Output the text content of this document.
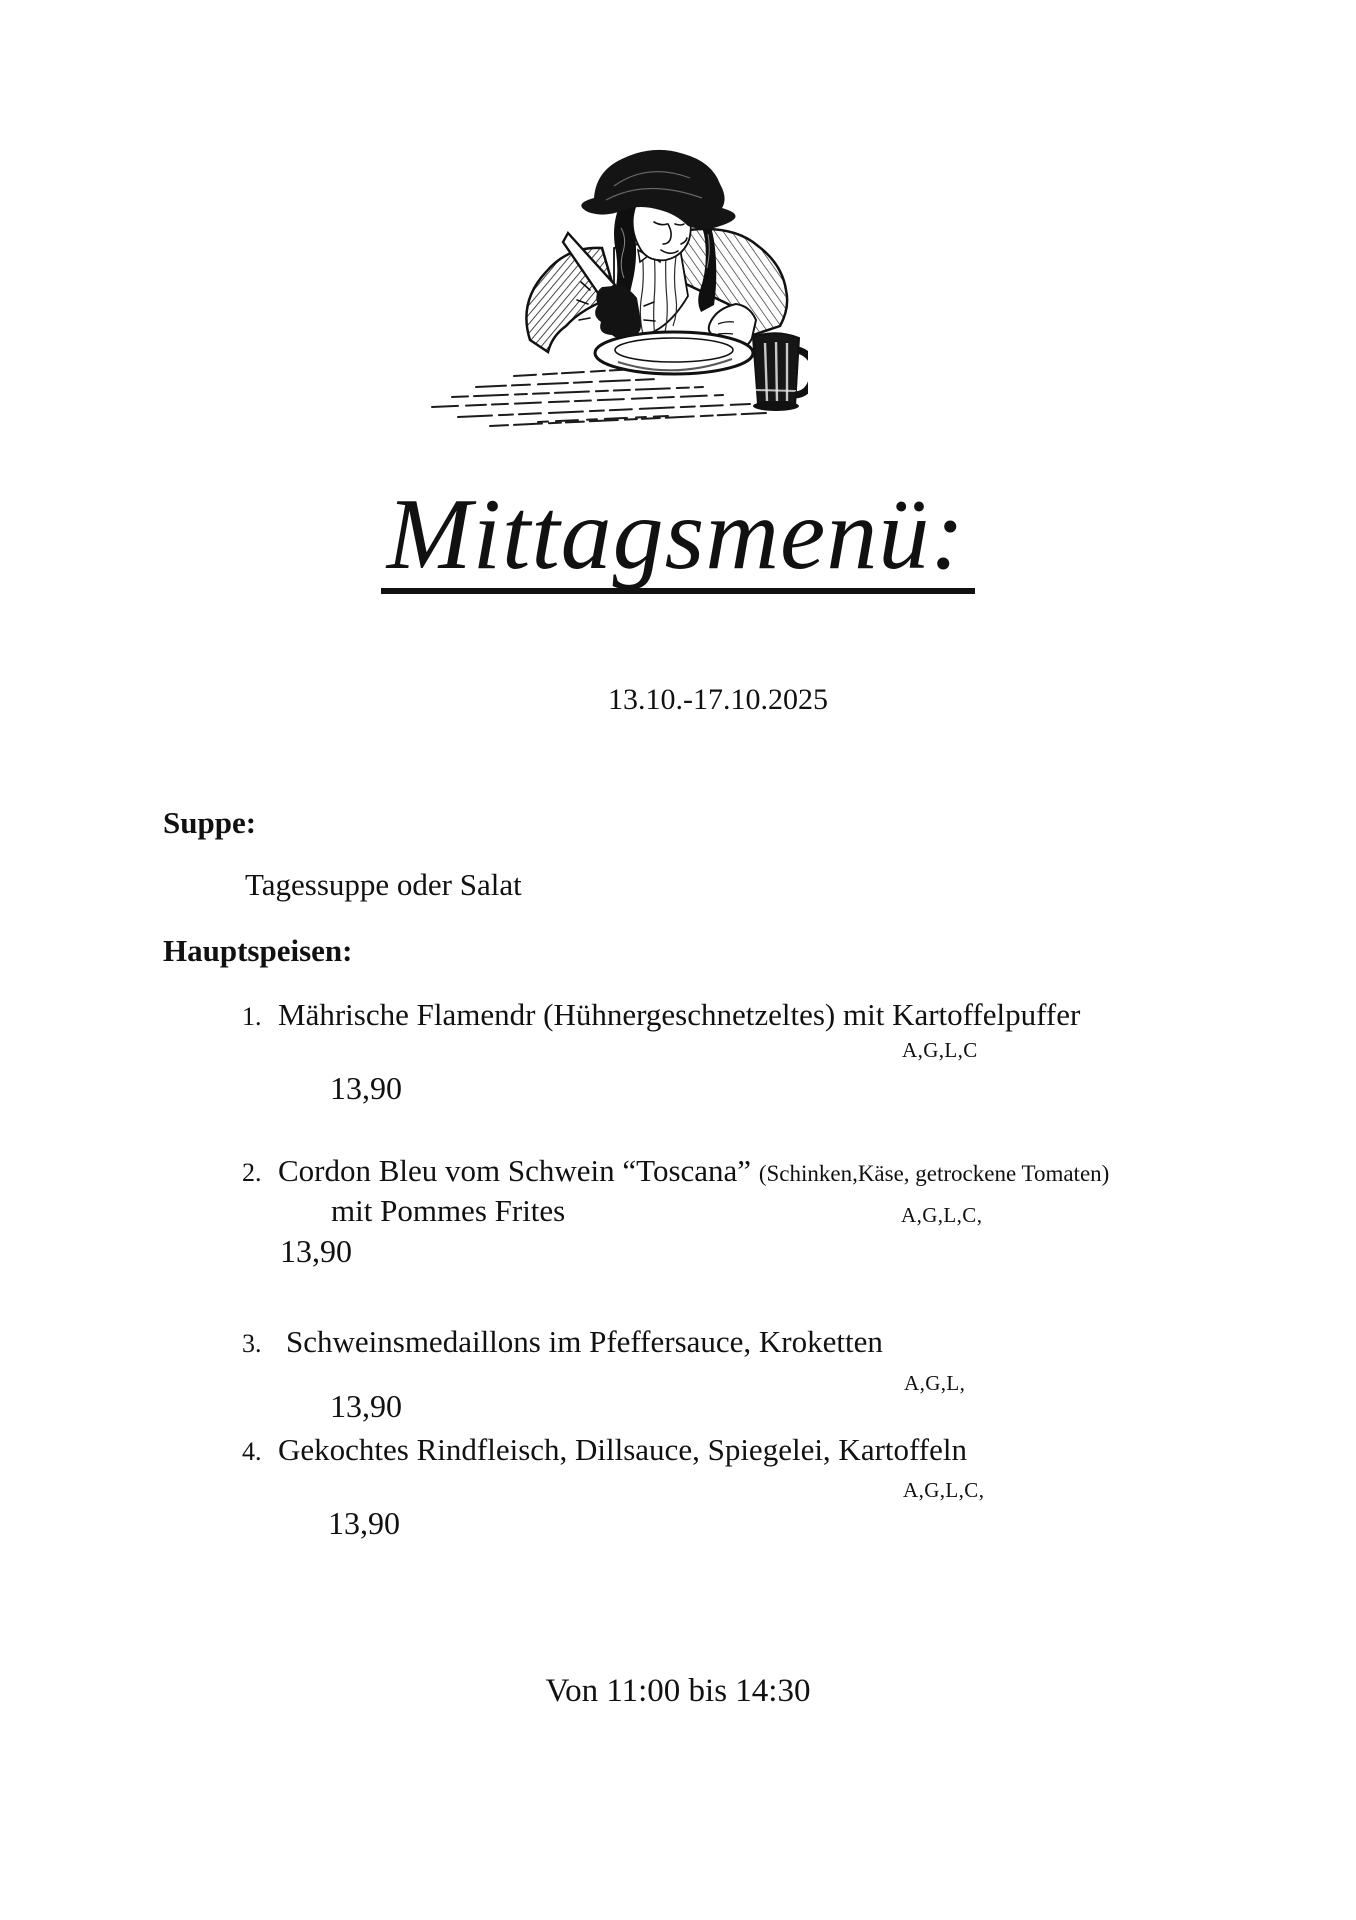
Mittagsmenü:
13.10.-17.10.2025
Suppe:
Tagessuppe oder Salat
Hauptspeisen:
1. Mährische Flamendr (Hühnergeschnetzeltes) mit Kartoffelpuffer
A,G,L,C
13,90
2. Cordon Bleu vom Schwein “Toscana” (Schinken,Käse, getrockene Tomaten)
mit Pommes Frites	A,G,L,C,
13,90
3. Schweinsmedaillons im Pfeffersauce, Kroketten
A,G,L,
13,90
4. Gekochtes Rindfleisch, Dillsauce, Spiegelei, Kartoffeln
A,G,L,C,
13,90
Von 11:00 bis 14:30
